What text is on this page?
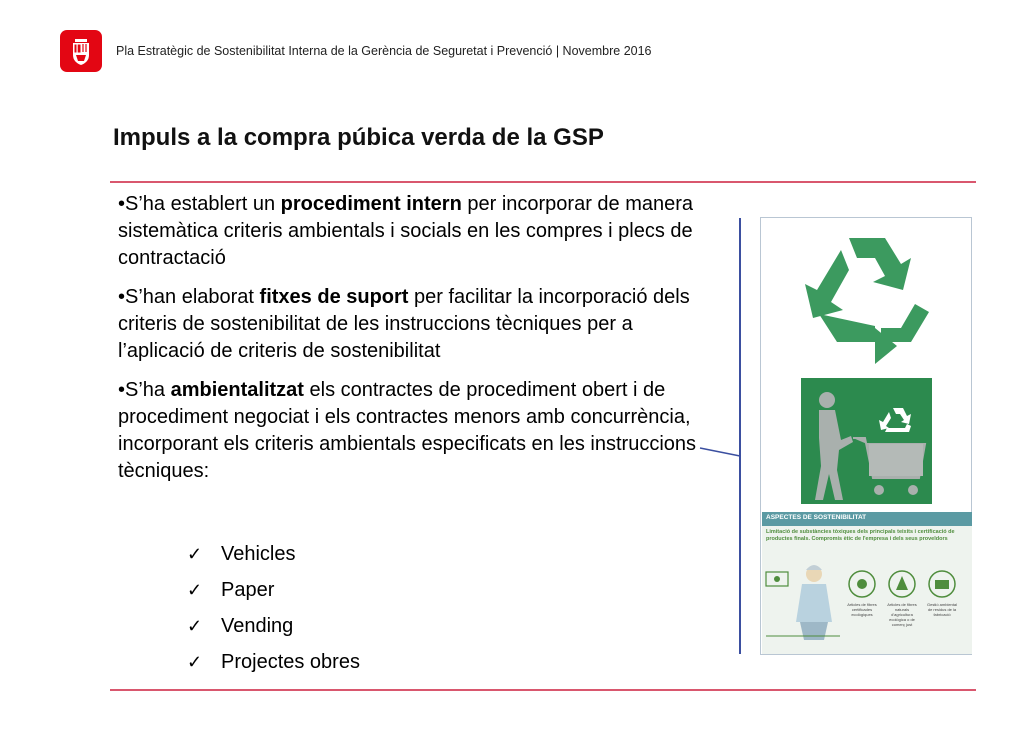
Pla Estratègic de Sostenibilitat Interna de la Gerència de Seguretat i Prevenció | Novembre 2016
Impuls a la compra púbica verda de la GSP

•S’ha establert un procediment intern per incorporar de manera sistemàtica criteris ambientals i socials en les compres i plecs de contractació

•S’han elaborat fitxes de suport per facilitar la incorporació dels criteris de sostenibilitat de les instruccions tècniques per a l’aplicació de criteris de sostenibilitat

•S’ha ambientalitzat els contractes de procediment obert i de procediment negociat i els contractes menors amb concurrència, incorporant els criteris ambientals especificats en les instruccions tècniques:

✓ Vehicles
✓ Paper
✓ Vending
✓ Projectes obres
ASPECTES DE SOSTENIBILITAT
Limitació de substàncies tòxiques dels principals teixits i certificació de productes finals. Compromís ètic de l'empresa i dels seus proveïdors
Articles de fibres certificades ecològiques
Articles de fibres naturals d'agricultura ecològica o de comerç just
Gestió ambiental de residus de la fabricació
